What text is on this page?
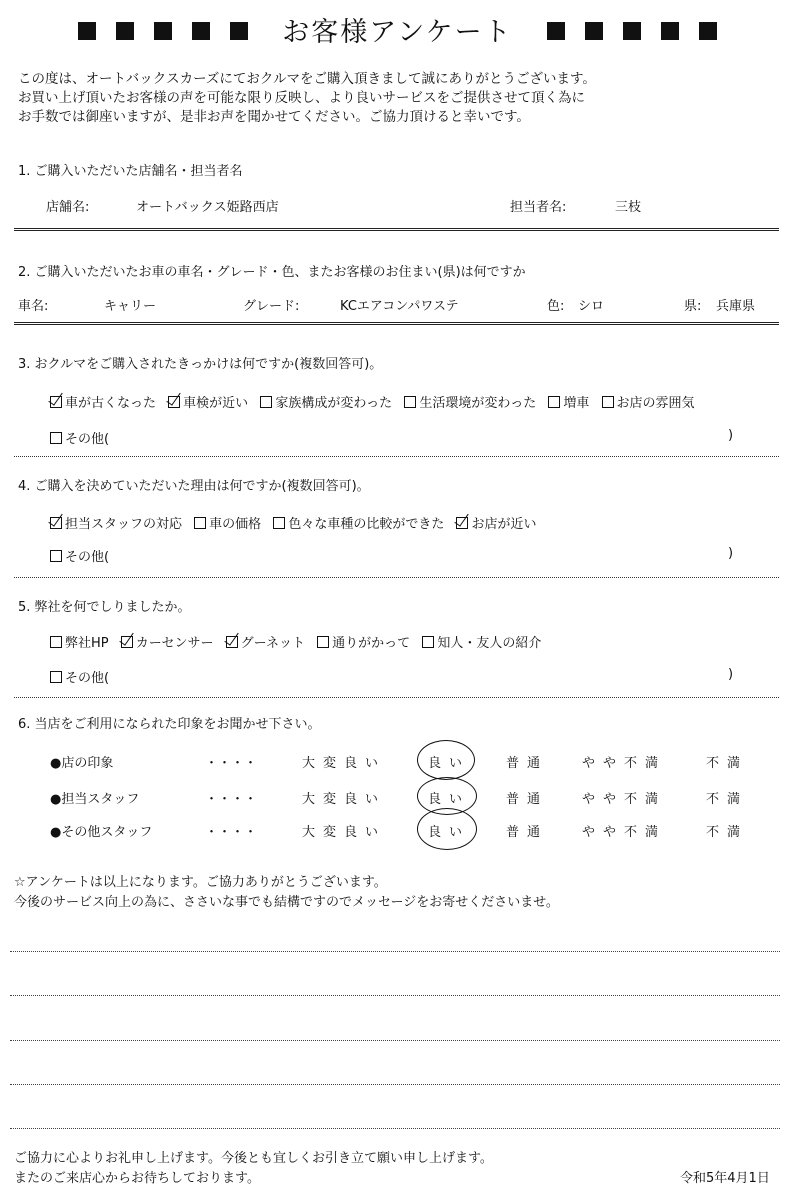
お客様アンケート
この度は、オートバックスカーズにておクルマをご購入頂きまして誠にありがとうございます。
お買い上げ頂いたお客様の声を可能な限り反映し、より良いサービスをご提供させて頂く為に
お手数では御座いますが、是非お声を聞かせてください。ご協力頂けると幸いです。
1. ご購入いただいた店舗名・担当者名
店舗名:	オートバックス姫路西店	担当者名:	三枝
2. ご購入いただいたお車の車名・グレード・色、またお客様のお住まい(県)は何ですか
車名:	キャリー	グレード:	KCエアコンパワステ	色: シロ	県: 兵庫県
3. おクルマをご購入されたきっかけは何ですか(複数回答可)。
車が古くなった 車検が近い 家族構成が変わった 生活環境が変わった 増車 お店の雰囲気
その他(	)
4. ご購入を決めていただいた理由は何ですか(複数回答可)。
担当スタッフの対応 車の価格 色々な車種の比較ができた お店が近い
その他(	)
5. 弊社を何でしりましたか。
弊社HP カーセンサー グーネット 通りがかって 知人・友人の紹介
その他(	)
6. 当店をご利用になられた印象をお聞かせ下さい。
●店の印象	・・・・	大変良い	良い	普通	やや不満	不満
●担当スタッフ	・・・・	大変良い	良い	普通	やや不満	不満
●その他スタッフ	・・・・	大変良い	良い	普通	やや不満	不満
☆アンケートは以上になります。ご協力ありがとうございます。
今後のサービス向上の為に、ささいな事でも結構ですのでメッセージをお寄せくださいませ。
ご協力に心よりお礼申し上げます。今後とも宜しくお引き立て願い申し上げます。
またのご来店心からお待ちしております。	令和5年4月1日
